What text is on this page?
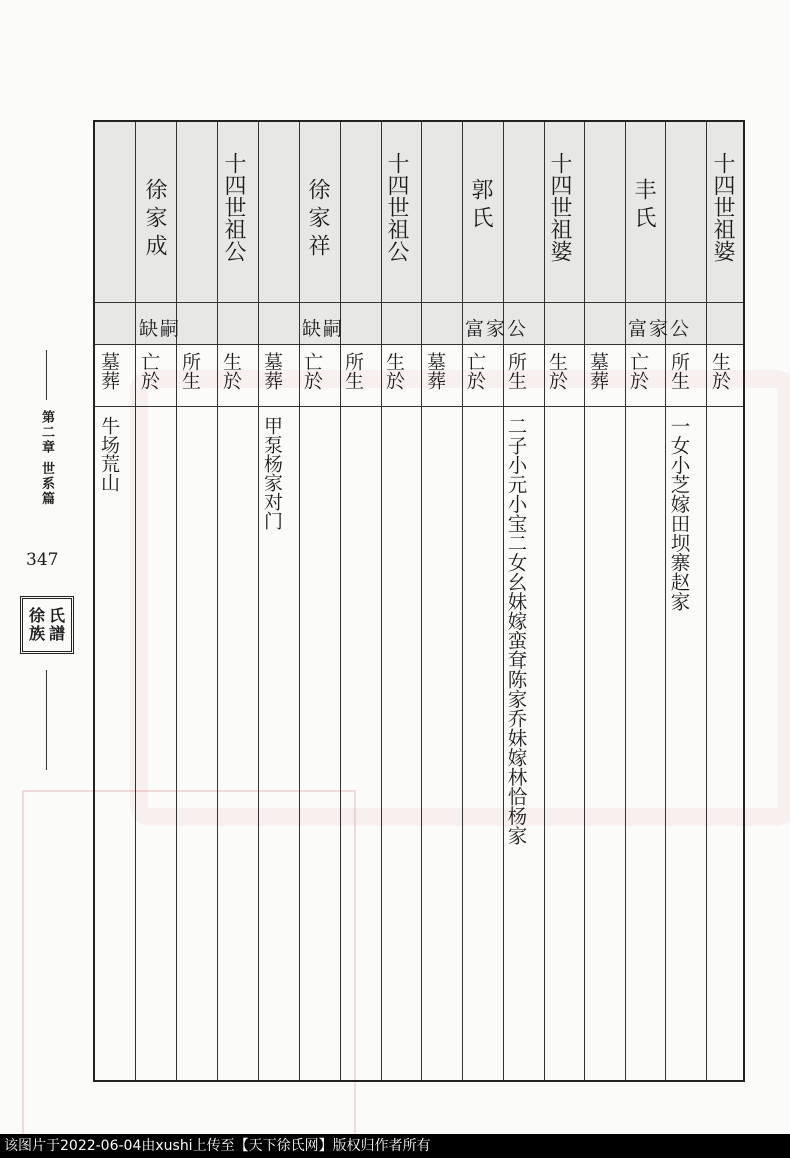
第二章 世系篇
347
徐 氏
族 譜
十四世祖婆
丰氏
富家公
生於
所生
亡於
墓葬
一女小芝嫁田坝寨赵家
十四世祖婆
郭氏
富家公
生於
所生
亡於
墓葬
二子小元小宝二女幺妹嫁蛮耷陈家乔妹嫁林恰杨家
十四世祖公
徐家祥
缺嗣
生於
所生
亡於
墓葬
甲泵杨家对门
十四世祖公
徐家成
缺嗣
生於
所生
亡於
墓葬
牛场荒山
该图片于2022-06-04由xushi上传至【天下徐氏网】版权归作者所有
